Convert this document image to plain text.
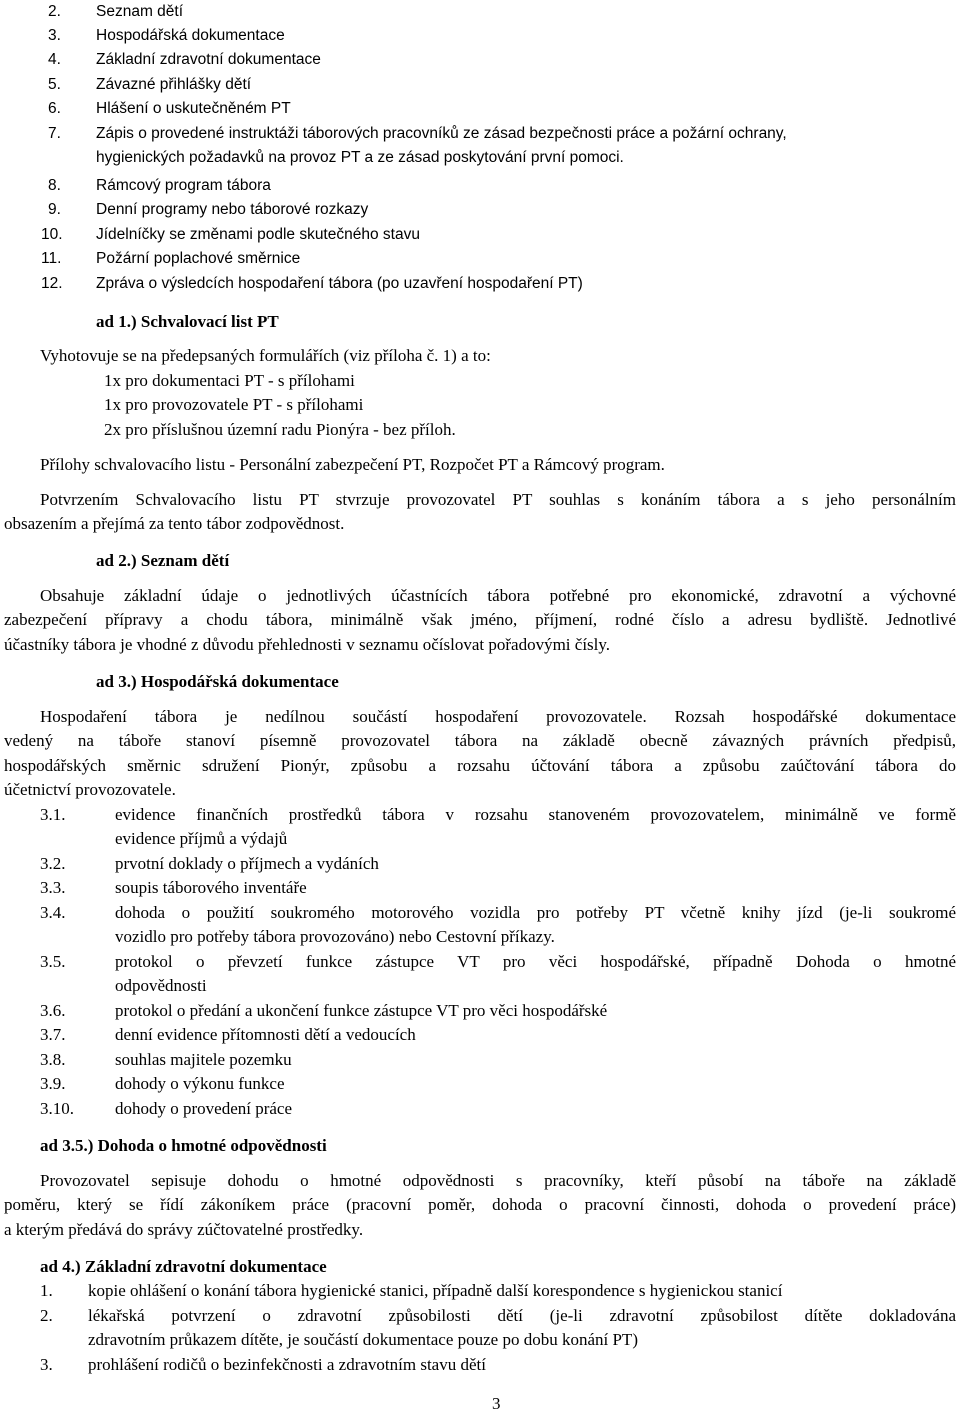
2. Seznam dětí
3. Hospodářská dokumentace
4. Základní zdravotní dokumentace
5. Závazné přihlášky dětí
6. Hlášení o uskutečněném PT
7. Zápis o provedené instruktáži táborových pracovníků ze zásad bezpečnosti práce a požární ochrany,
hygienických požadavků na provoz PT a ze zásad poskytování první pomoci.
8. Rámcový program tábora
9. Denní programy nebo táborové rozkazy
10. Jídelníčky se změnami podle skutečného stavu
11. Požární poplachové směrnice
12. Zpráva o výsledcích hospodaření tábora (po uzavření hospodaření PT)
ad 1.) Schvalovací list PT
Vyhotovuje se na předepsaných formulářích (viz příloha č. 1) a to:
1x pro dokumentaci PT - s přílohami
1x pro provozovatele PT - s přílohami
2x pro příslušnou územní radu Pionýra - bez příloh.
Přílohy schvalovacího listu - Personální zabezpečení PT, Rozpočet PT a Rámcový program.
Potvrzením Schvalovacího listu PT stvrzuje provozovatel PT souhlas s konáním tábora a s jeho personálním
obsazením a přejímá za tento tábor zodpovědnost.
ad 2.) Seznam dětí
Obsahuje základní údaje o jednotlivých účastnících tábora potřebné pro ekonomické, zdravotní a výchovné
zabezpečení přípravy a chodu tábora, minimálně však jméno, příjmení, rodné číslo a adresu bydliště. Jednotlivé
účastníky tábora je vhodné z důvodu přehlednosti v seznamu očíslovat pořadovými čísly.
ad 3.) Hospodářská dokumentace
Hospodaření tábora je nedílnou součástí hospodaření provozovatele. Rozsah hospodářské dokumentace
vedený na táboře stanoví písemně provozovatel tábora na základě obecně závazných právních předpisů,
hospodářských směrnic sdružení Pionýr, způsobu a rozsahu účtování tábora a způsobu zaúčtování tábora do
účetnictví provozovatele.
3.1.	evidence finančních prostředků tábora v rozsahu stanoveném provozovatelem, minimálně ve formě
evidence příjmů a výdajů
3.2.	prvotní doklady o příjmech a vydáních
3.3.	soupis táborového inventáře
3.4.	dohoda o použití soukromého motorového vozidla pro potřeby PT včetně knihy jízd (je-li soukromé
vozidlo pro potřeby tábora provozováno) nebo Cestovní příkazy.
3.5.	protokol o převzetí funkce zástupce VT pro věci hospodářské, případně Dohoda o hmotné
odpovědnosti
3.6.	protokol o předání a ukončení funkce zástupce VT pro věci hospodářské
3.7.	denní evidence přítomnosti dětí a vedoucích
3.8.	souhlas majitele pozemku
3.9.	dohody o výkonu funkce
3.10. dohody o provedení práce
ad 3.5.) Dohoda o hmotné odpovědnosti
Provozovatel sepisuje dohodu o hmotné odpovědnosti s pracovníky, kteří působí na táboře na základě
poměru, který se řídí zákoníkem práce (pracovní poměr, dohoda o pracovní činnosti, dohoda o provedení práce)
a kterým předává do správy zúčtovatelné prostředky.
ad 4.) Základní zdravotní dokumentace
1. kopie ohlášení o konání tábora hygienické stanici, případně další korespondence s hygienickou stanicí
2. lékařská potvrzení o zdravotní způsobilosti dětí (je-li zdravotní způsobilost dítěte dokladována
zdravotním průkazem dítěte, je součástí dokumentace pouze po dobu konání PT)
3. prohlášení rodičů o bezinfekčnosti a zdravotním stavu dětí
3
